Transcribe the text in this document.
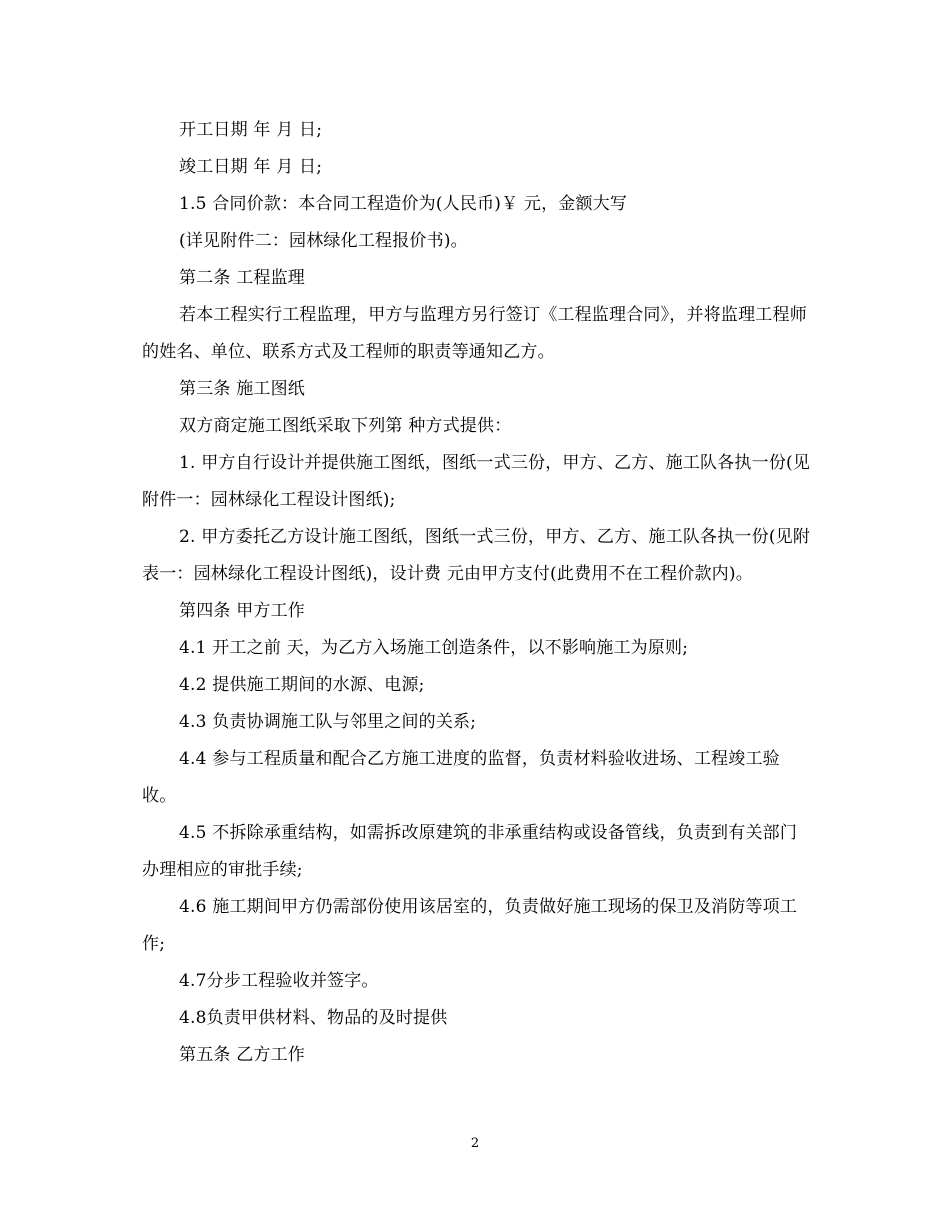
开工日期 年 月 日;

竣工日期 年 月 日;

1.5 合同价款：本合同工程造价为(人民币)￥ 元，金额大写

(详见附件二：园林绿化工程报价书)。

第二条 工程监理

若本工程实行工程监理，甲方与监理方另行签订《工程监理合同》，并将监理工程师的姓名、单位、联系方式及工程师的职责等通知乙方。

第三条 施工图纸

双方商定施工图纸采取下列第 种方式提供：

1. 甲方自行设计并提供施工图纸，图纸一式三份，甲方、乙方、施工队各执一份(见附件一：园林绿化工程设计图纸);

2. 甲方委托乙方设计施工图纸，图纸一式三份，甲方、乙方、施工队各执一份(见附表一：园林绿化工程设计图纸)，设计费 元由甲方支付(此费用不在工程价款内)。

第四条 甲方工作

4.1 开工之前 天，为乙方入场施工创造条件，以不影响施工为原则;

4.2 提供施工期间的水源、电源;

4.3 负责协调施工队与邻里之间的关系;

4.4 参与工程质量和配合乙方施工进度的监督，负责材料验收进场、工程竣工验收。

4.5 不拆除承重结构，如需拆改原建筑的非承重结构或设备管线，负责到有关部门办理相应的审批手续;

4.6 施工期间甲方仍需部份使用该居室的，负责做好施工现场的保卫及消防等项工作;

4.7分步工程验收并签字。

4.8负责甲供材料、物品的及时提供

第五条 乙方工作

2
